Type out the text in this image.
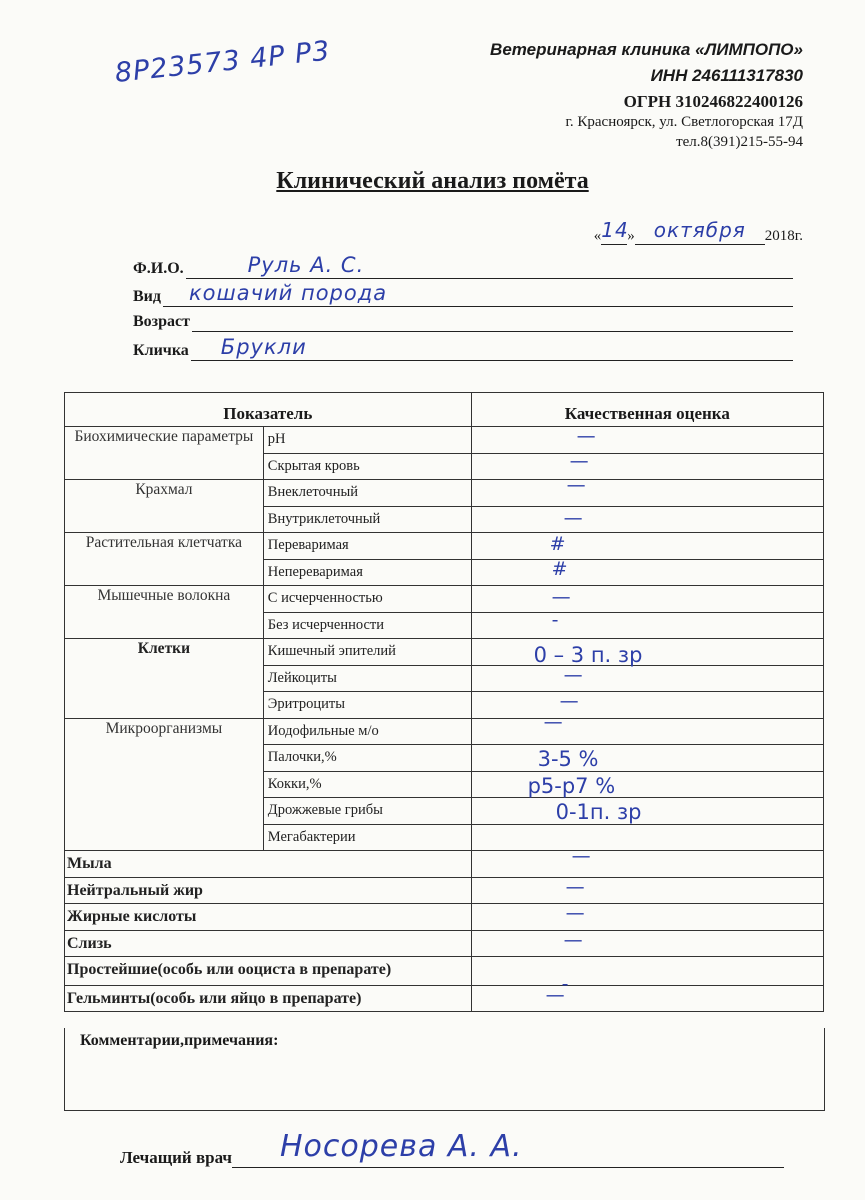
Ветеринарная клиника «ЛИМПОПО»
ИНН 246111317830
ОГРН 310246822400126
г. Красноярск, ул. Светлогорская 17Д
тел.8(391)215-55-94
8Р23573 4Р Р3
Клинический анализ помёта
« 14
» октября	2018г.
Ф.И.О.	Руль А. С.
Вид кошачий порода
Возраст
Кличка Брукли
Показатель		Качественная оценка
Биохимические параметры	pH	—

	Скрытая кровь	—

Крахмал	Внеклеточный	—

	Внутриклеточный	—

Растительная клетчатка	Переваримая	#

	Непереваримая	#

Мышечные волокна	С исчерченностью	—

	Без исчерченности	-

Клетки	Кишечный эпителий	0 – 3 п. зр

	Лейкоциты	—

	Эритроциты	—

Микроорганизмы	Иодофильные м/о	—

	Палочки,%	3-5 %

	Кокки,%	р5-р7 %

	Дрожжевые грибы	0-1п. зр

	Мегабактерии	

Мыла		—

Нейтральный жир		—

Жирные кислоты		—

Слизь		—

Простейшие(особь или ооциста в препарате)		-

Гельминты(особь или яйцо в препарате)		—
Комментарии,примечания:
Лечащий врач Носорева А. А.
